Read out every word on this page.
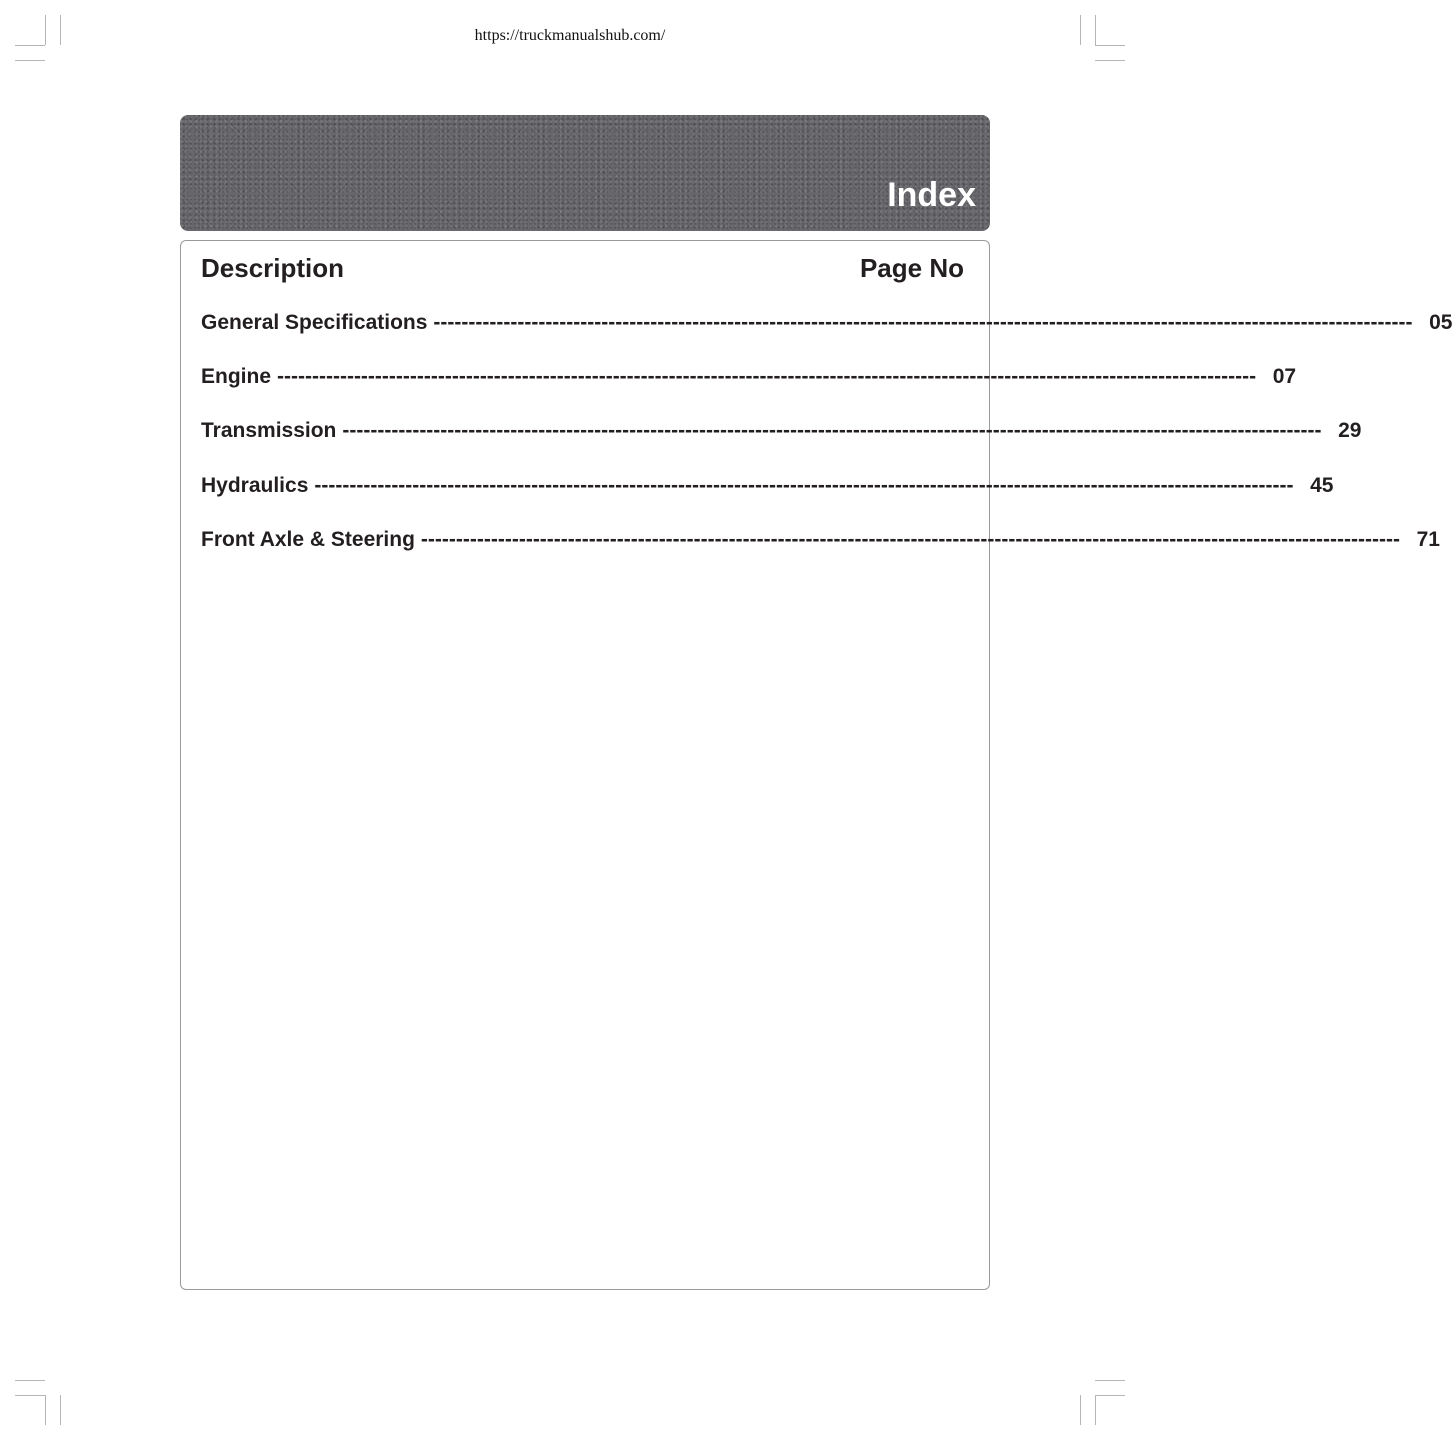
https://truckmanualshub.com/
Index
Description	Page No
General Specifications -------------------------------------------------------------------------------------------------------------------------------------------- 05
Engine -------------------------------------------------------------------------------------------------------------------------------------------- 07
Transmission -------------------------------------------------------------------------------------------------------------------------------------------- 29
Hydraulics -------------------------------------------------------------------------------------------------------------------------------------------- 45
Front Axle & Steering -------------------------------------------------------------------------------------------------------------------------------------------- 71
